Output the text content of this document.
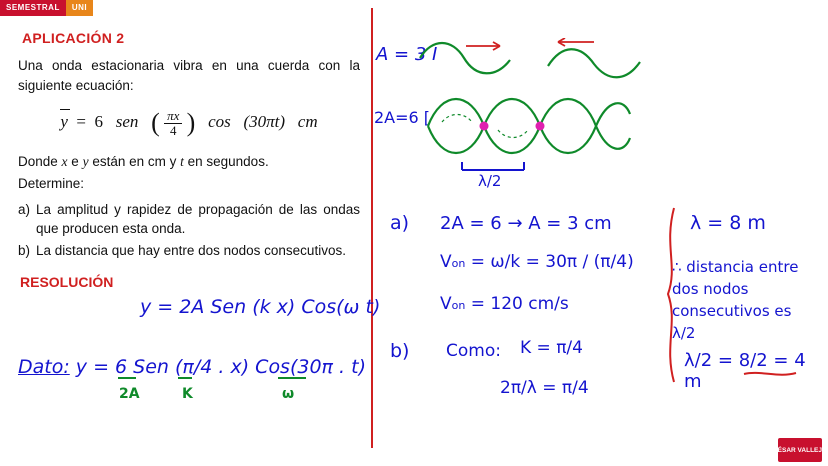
SEMESTRAL	UNI
APLICACIÓN 2

Una onda estacionaria vibra en una cuerda con la siguiente ecuación:

y  =  6 sen ( $\frac{\pi x}{4}$ ) cos (30πt) cm

Donde x e y están en cm y t en segundos.

Determine:

a) La amplitud y rapidez de propagación de las ondas que producen esta onda.
b) La distancia que hay entre dos nodos consecutivos.
RESOLUCIÓN
y = 2A Sen (k x) Cos(ω t)
Dato: y = 6 Sen (π/4 . x) Cos(30π . t)
2A	K	ω
A = 3 I
2A=6 [
λ/2
a) 2A = 6 → A = 3 cm
Von = ω/k = 30π / (π/4)
Von = 120 cm/s
b) Como: K = π/4
2π/λ = π/4
λ = 8 m
∴ distancia entre dos nodos consecutivos es λ/2
λ/2 = 8/2 = 4 m
CÉSAR
VALLEJO
